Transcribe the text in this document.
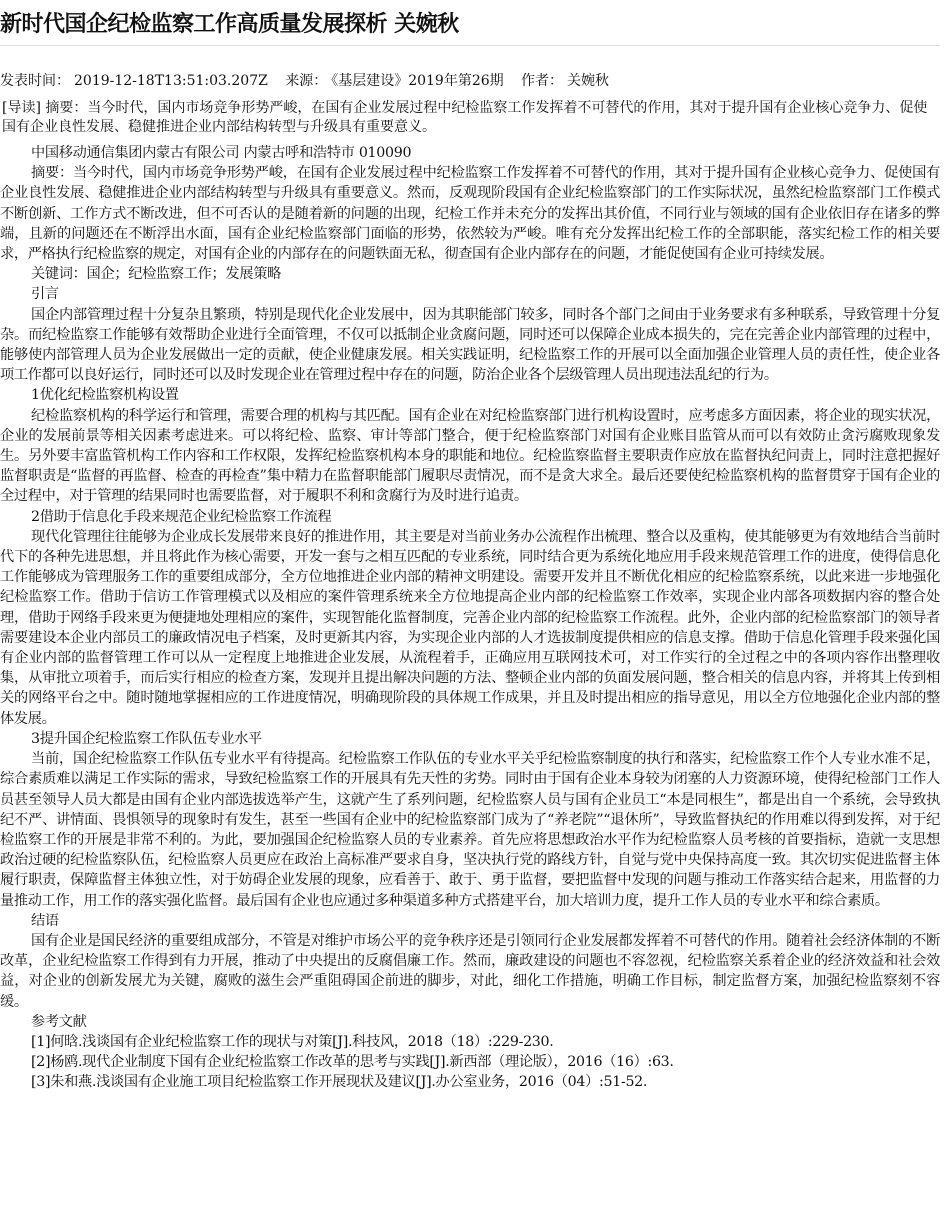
新时代国企纪检监察工作高质量发展探析 关婉秋
发表时间： 2019-12-18T13:51:03.207Z 来源： 《基层建设》2019年第26期 作者： 关婉秋
[导读] 摘要：当今时代，国内市场竞争形势严峻，在国有企业发展过程中纪检监察工作发挥着不可替代的作用，其对于提升国有企业核心竞争力、促使国有企业良性发展、稳健推进企业内部结构转型与升级具有重要意义。

中国移动通信集团内蒙古有限公司 内蒙古呼和浩特市 010090

摘要：当今时代，国内市场竞争形势严峻，在国有企业发展过程中纪检监察工作发挥着不可替代的作用，其对于提升国有企业核心竞争力、促使国有企业良性发展、稳健推进企业内部结构转型与升级具有重要意义。然而，反观现阶段国有企业纪检监察部门的工作实际状况，虽然纪检监察部门工作模式不断创新、工作方式不断改进，但不可否认的是随着新的问题的出现，纪检工作并未充分的发挥出其价值，不同行业与领域的国有企业依旧存在诸多的弊端，且新的问题还在不断浮出水面，国有企业纪检监察部门面临的形势，依然较为严峻。唯有充分发挥出纪检工作的全部职能，落实纪检工作的相关要求，严格执行纪检监察的规定，对国有企业的内部存在的问题铁面无私，彻查国有企业内部存在的问题，才能促使国有企业可持续发展。

关键词：国企；纪检监察工作；发展策略

引言

国企内部管理过程十分复杂且繁琐，特别是现代化企业发展中，因为其职能部门较多，同时各个部门之间由于业务要求有多种联系，导致管理十分复杂。而纪检监察工作能够有效帮助企业进行全面管理，不仅可以抵制企业贪腐问题，同时还可以保障企业成本损失的，完在完善企业内部管理的过程中，能够使内部管理人员为企业发展做出一定的贡献，使企业健康发展。相关实践证明，纪检监察工作的开展可以全面加强企业管理人员的责任性，使企业各项工作都可以良好运行，同时还可以及时发现企业在管理过程中存在的问题，防治企业各个层级管理人员出现违法乱纪的行为。

1优化纪检监察机构设置

纪检监察机构的科学运行和管理，需要合理的机构与其匹配。国有企业在对纪检监察部门进行机构设置时，应考虑多方面因素，将企业的现实状况，企业的发展前景等相关因素考虑进来。可以将纪检、监察、审计等部门整合，便于纪检监察部门对国有企业账目监管从而可以有效防止贪污腐败现象发生。另外要丰富监管机构工作内容和工作权限，发挥纪检监察机构本身的职能和地位。纪检监察监督主要职责作应放在监督执纪问责上，同时注意把握好监督职责是“监督的再监督、检查的再检查”集中精力在监督职能部门履职尽责情况，而不是贪大求全。最后还要使纪检监察机构的监督贯穿于国有企业的全过程中，对于管理的结果同时也需要监督，对于履职不利和贪腐行为及时进行追责。

2借助于信息化手段来规范企业纪检监察工作流程

现代化管理往往能够为企业成长发展带来良好的推进作用，其主要是对当前业务办公流程作出梳理、整合以及重构，使其能够更为有效地结合当前时代下的各种先进思想，并且将此作为核心需要，开发一套与之相互匹配的专业系统，同时结合更为系统化地应用手段来规范管理工作的进度，使得信息化工作能够成为管理服务工作的重要组成部分，全方位地推进企业内部的精神文明建设。需要开发并且不断优化相应的纪检监察系统，以此来进一步地强化纪检监察工作。借助于信访工作管理模式以及相应的案件管理系统来全方位地提高企业内部的纪检监察工作效率，实现企业内部各项数据内容的整合处理，借助于网络手段来更为便捷地处理相应的案件，实现智能化监督制度，完善企业内部的纪检监察工作流程。此外，企业内部的纪检监察部门的领导者需要建设本企业内部员工的廉政情况电子档案，及时更新其内容，为实现企业内部的人才选拔制度提供相应的信息支撑。借助于信息化管理手段来强化国有企业内部的监督管理工作可以从一定程度上地推进企业发展，从流程着手，正确应用互联网技术可，对工作实行的全过程之中的各项内容作出整理收集，从审批立项着手，而后实行相应的检查方案，发现并且提出解决问题的方法、整顿企业内部的负面发展问题，整合相关的信息内容，并将其上传到相关的网络平台之中。随时随地掌握相应的工作进度情况，明确现阶段的具体规工作成果，并且及时提出相应的指导意见，用以全方位地强化企业内部的整体发展。

3提升国企纪检监察工作队伍专业水平

当前，国企纪检监察工作队伍专业水平有待提高。纪检监察工作队伍的专业水平关乎纪检监察制度的执行和落实，纪检监察工作个人专业水准不足，综合素质难以满足工作实际的需求，导致纪检监察工作的开展具有先天性的劣势。同时由于国有企业本身较为闭塞的人力资源环境，使得纪检部门工作人员甚至领导人员大都是由国有企业内部选拔选举产生，这就产生了系列问题，纪检监察人员与国有企业员工“本是同根生”，都是出自一个系统，会导致执纪不严、讲情面、畏惧领导的现象时有发生，甚至一些国有企业中的纪检监察部门成为了“养老院”“退休所”，导致监督执纪的作用难以得到发挥，对于纪检监察工作的开展是非常不利的。为此，要加强国企纪检监察人员的专业素养。首先应将思想政治水平作为纪检监察人员考核的首要指标，造就一支思想政治过硬的纪检监察队伍，纪检监察人员更应在政治上高标准严要求自身，坚决执行党的路线方针，自觉与党中央保持高度一致。其次切实促进监督主体履行职责，保障监督主体独立性，对于妨碍企业发展的现象，应看善于、敢于、勇于监督，要把监督中发现的问题与推动工作落实结合起来，用监督的力量推动工作，用工作的落实强化监督。最后国有企业也应通过多种渠道多种方式搭建平台，加大培训力度，提升工作人员的专业水平和综合素质。

结语

国有企业是国民经济的重要组成部分，不管是对维护市场公平的竞争秩序还是引领同行企业发展都发挥着不可替代的作用。随着社会经济体制的不断改革，企业纪检监察工作得到有力开展，推动了中央提出的反腐倡廉工作。然而，廉政建设的问题也不容忽视，纪检监察关系着企业的经济效益和社会效益，对企业的创新发展尤为关键，腐败的滋生会严重阻碍国企前进的脚步，对此，细化工作措施，明确工作目标，制定监督方案，加强纪检监察刻不容缓。

参考文献

[1]何晗.浅谈国有企业纪检监察工作的现状与对策[J].科技风，2018（18）:229-230.

[2]杨鸥.现代企业制度下国有企业纪检监察工作改革的思考与实践[J].新西部（理论版），2016（16）:63.

[3]朱和燕.浅谈国有企业施工项目纪检监察工作开展现状及建议[J].办公室业务，2016（04）:51-52.
